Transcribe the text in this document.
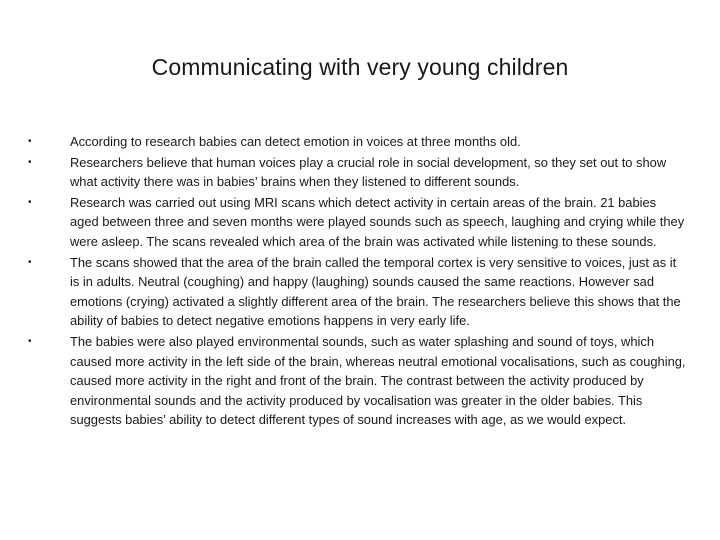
Communicating with very young children
•	According to research babies can detect emotion in voices at three months old.
•	Researchers believe that human voices play a crucial role in social development, so they set out to show what activity there was in babies’ brains when they listened to different sounds.
•	Research was carried out using MRI scans which detect activity in certain areas of the brain. 21 babies aged between three and seven months were played sounds such as speech, laughing and crying while they were asleep. The scans revealed which area of the brain was activated while listening to these sounds.
•	The scans showed that the area of the brain called the temporal cortex is very sensitive to voices, just as it is in adults. Neutral (coughing) and happy (laughing) sounds caused the same reactions. However sad emotions (crying) activated a slightly different area of the brain. The researchers believe this shows that the ability of babies to detect negative emotions happens in very early life.
•	The babies were also played environmental sounds, such as water splashing and sound of toys, which caused more activity in the left side of the brain, whereas neutral emotional vocalisations, such as coughing, caused more activity in the right and front of the brain. The contrast between the activity produced by environmental sounds and the activity produced by vocalisation was greater in the older babies. This suggests babies’ ability to detect different types of sound increases with age, as we would expect.
